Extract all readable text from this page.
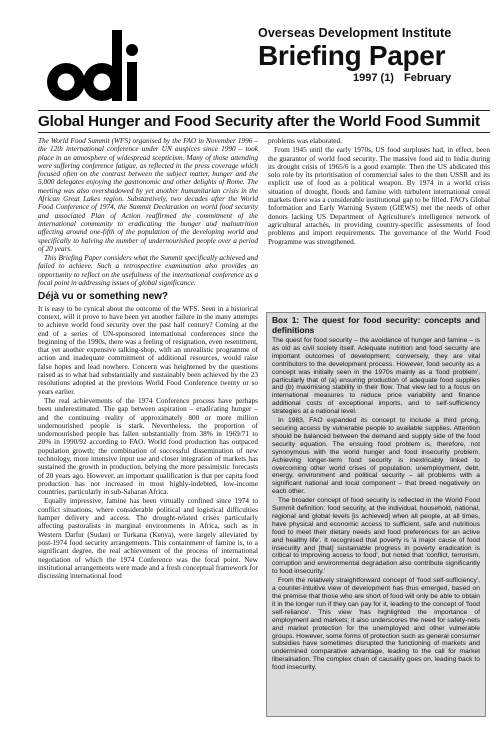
Overseas Development Institute
Briefing Paper
1997 (1) February
Global Hunger and Food Security after the World Food Summit

The World Food Summit (WFS) organised by the FAO in November 1996 – the 12th international conference under UN auspices since 1990 – took place in an atmosphere of widespread scepticism. Many of those attending were suffering conference fatigue, as reflected in the press coverage which focused often on the contrast between the subject matter, hunger and the 5,000 delegates enjoying the gastronomic and other delights of Rome. The meeting was also overshadowed by yet another humanitarian crisis in the African Great Lakes region. Substantively, two decades after the World Food Conference of 1974, the Summit Declaration on world food security and associated Plan of Action reaffirmed the commitment of the international community to eradicating the hunger and malnutrition affecting around one-fifth of the population of the developing world and specifically to halving the number of undernourished people over a period of 20 years.

This Briefing Paper considers what the Summit specifically achieved and failed to achieve. Such a retrospective examination also provides an opportunity to reflect on the usefulness of the international conference as a focal point in addressing issues of global significance.

Déjà vu or something new?

It is easy to be cynical about the outcome of the WFS. Seen in a historical context, will it prove to have been yet another failure in the many attempts to achieve world food security over the past half century? Coming at the end of a series of UN-sponsored international conferences since the beginning of the 1990s, there was a feeling of resignation, even resentment, that yet another expensive talking-shop, with an unrealistic programme of action and inadequate commitment of additional resources, would raise false hopes and lead nowhere. Concern was heightened by the questions raised as to what had substantially and sustainably been achieved by the 23 resolutions adopted at the previous World Food Conference twenty or so years earlier.

The real achievements of the 1974 Conference process have perhaps been underestimated. The gap between aspiration – eradicating hunger – and the continuing reality of approximately 800 or more million undernourished people is stark. Nevertheless, the proportion of undernourished people has fallen substantially from 38% in 1969/71 to 20% in 1990/92 according to FAO. World food production has outpaced population growth; the combination of successful dissemination of new technology, more intensive input use and closer integration of markets has sustained the growth in production, belying the more pessimistic forecasts of 20 years ago. However, an important qualification is that per capita food production has not increased in most highly-indebted, low-income countries, particularly in sub-Saharan Africa.

Equally impressive, famine has been virtually confined since 1974 to conflict situations, where considerable political and logistical difficulties hamper delivery and access. The drought-related crises particularly affecting pastoralists in marginal environments in Africa, such as in Western Darfur (Sudan) or Turkana (Kenya), were largely alleviated by post-1974 food security arrangements. This containment of famine is, to a significant degree, the real achievement of the process of international negotiation of which the 1974 Conference was the focal point. New institutional arrangements were made and a fresh conceptual framework for discussing international food

problems was elaborated.

From 1945 until the early 1970s, US food surpluses had, in effect, been the guarantor of world food security. The massive food aid to India during its drought crisis of 1965/6 is a good example. Then the US abdicated this solo role by its prioritisation of commercial sales to the then USSR and its explicit use of food as a political weapon. By 1974 in a world crisis situation of drought, floods and famine with turbulent international cereal markets there was a considerable institutional gap to be filled. FAO's Global Information and Early Warning System (GIEWS) met the needs of other donors lacking US Department of Agriculture's intelligence network of agricultural attachés, in providing country-specific assessments of food problems and import requirements. The governance of the World Food Programme was strengthened.

Box 1: The quest for food security: concepts and definitions

The quest for food security – the avoidance of hunger and famine – is as old as civil society itself. Adequate nutrition and food security are important outcomes of development; conversely, they are vital contributors to the development process. However, food security as a concept was initially seen in the 1970s mainly as a 'food problem', particularly that of (a) ensuring production of adequate food supplies and (b) maximising stability in their flow. That view led to a focus on international measures to reduce price variability and finance additional costs of exceptional imports, and to self-sufficiency strategies at a national level.

In 1983, FAO expanded its concept to include a third prong, securing access by vulnerable people to available supplies. Attention should be balanced between the demand and supply side of the food security equation. The ensuing food problem is, therefore, not synonymous with the world hunger and food insecurity problem. Achieving longer-term food security is inextricably linked to overcoming other world crises of population, unemployment, debt, energy, environment and political security – all problems with a significant national and local component – that breed negatively on each other.

The broader concept of food security is reflected in the World Food Summit definition: food security, at the individual, household, national, regional and global levels [is achieved] when all people, at all times, have physical and economic access to sufficient, safe and nutritious food to meet their dietary needs and food preferences for an active and healthy life'. It recognised that poverty is 'a major cause of food insecurity and [that] sustainable progress in poverty eradication is critical to improving access to food', but noted that 'conflict, terrorism, corruption and environmental degradation also contribute significantly to food insecurity.'

From the relatively straightforward concept of 'food self-sufficiency', a counter-intuitive view of development has thus emerged, based on the premise that those who are short of food will only be able to obtain it in the longer run if they can pay for it, leading to the concept of 'food self-reliance'. This view 'has highlighted the importance of employment and markets; it also underscores the need for safety-nets and market protection for the unemployed and other vulnerable groups. However, some forms of protection such as general consumer subsidies have sometimes disrupted the functioning of markets and undermined comparative advantage, leading to the call for market liberalisation. The complex chain of causality goes on, leading back to food insecurity.
